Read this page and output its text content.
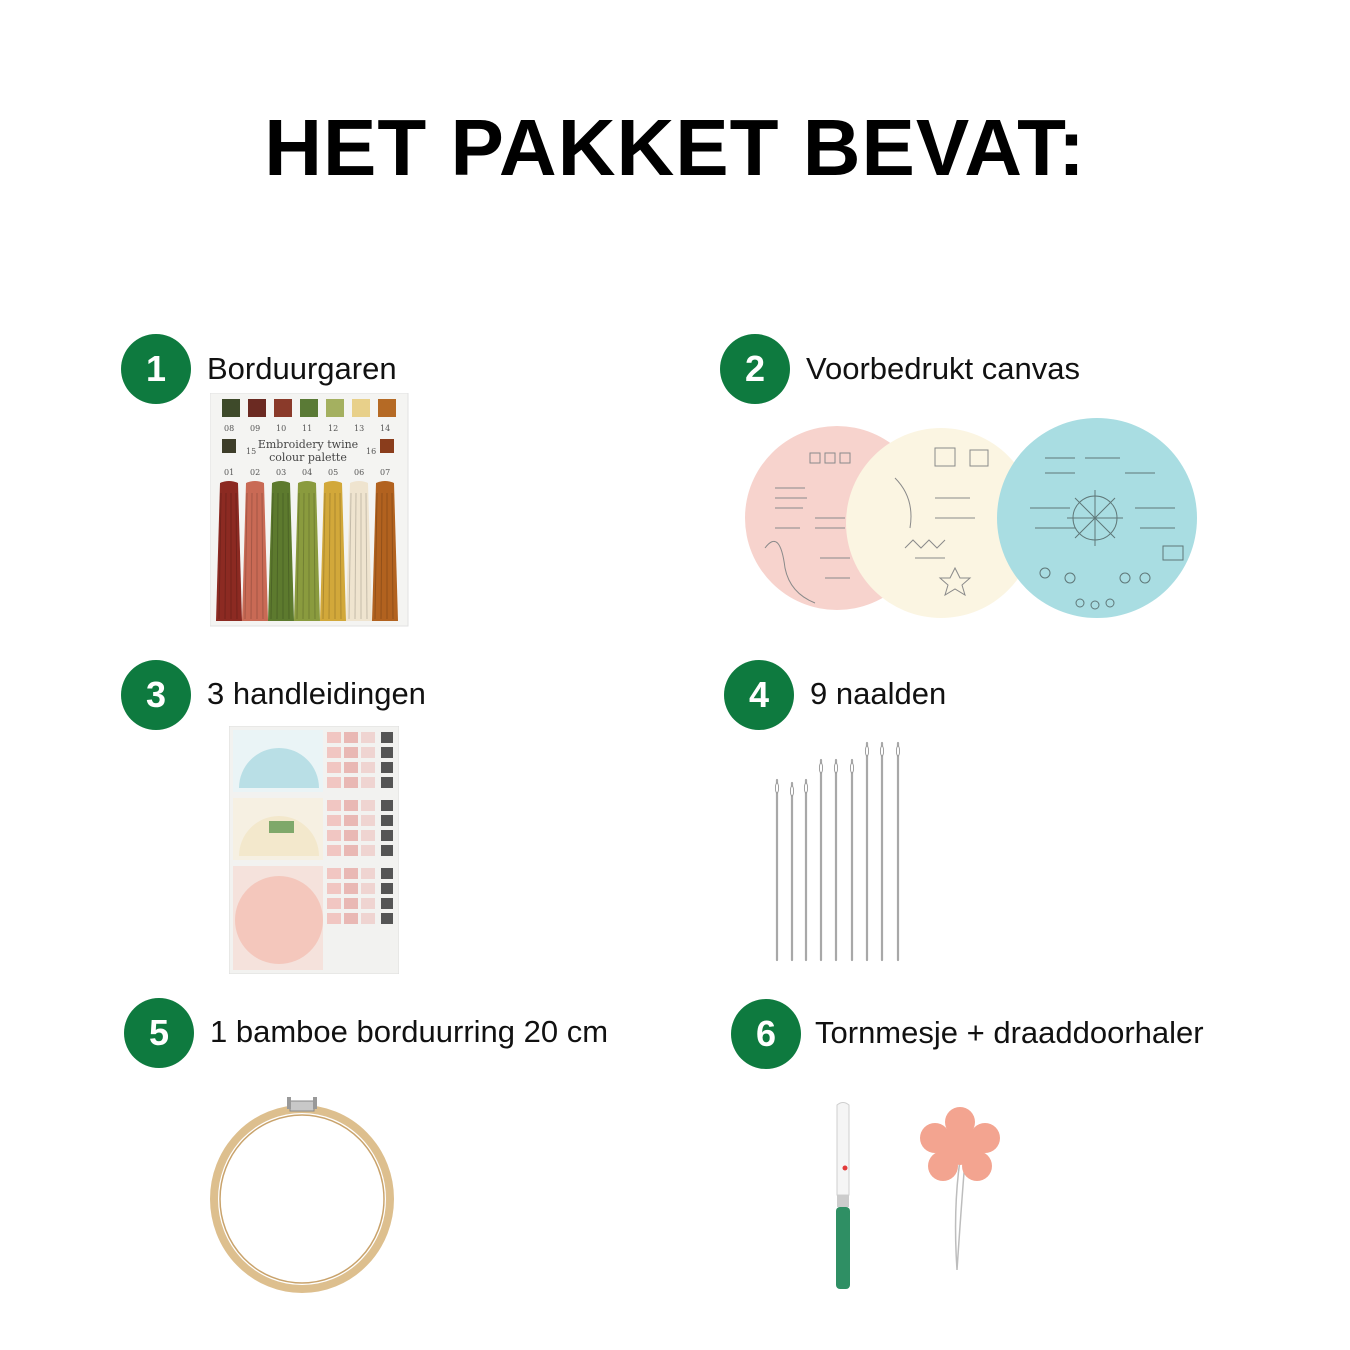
HET PAKKET BEVAT:
1	Borduurgaren
08 09 10 11 12 13 14
Embroidery twine
colour palette
15	16
01 02 03 04 05 06 07
2	Voorbedrukt canvas
3	3 handleidingen	4	9 naalden
5	1 bamboe borduurring 20 cm	6	Tornmesje + draaddoorhaler
